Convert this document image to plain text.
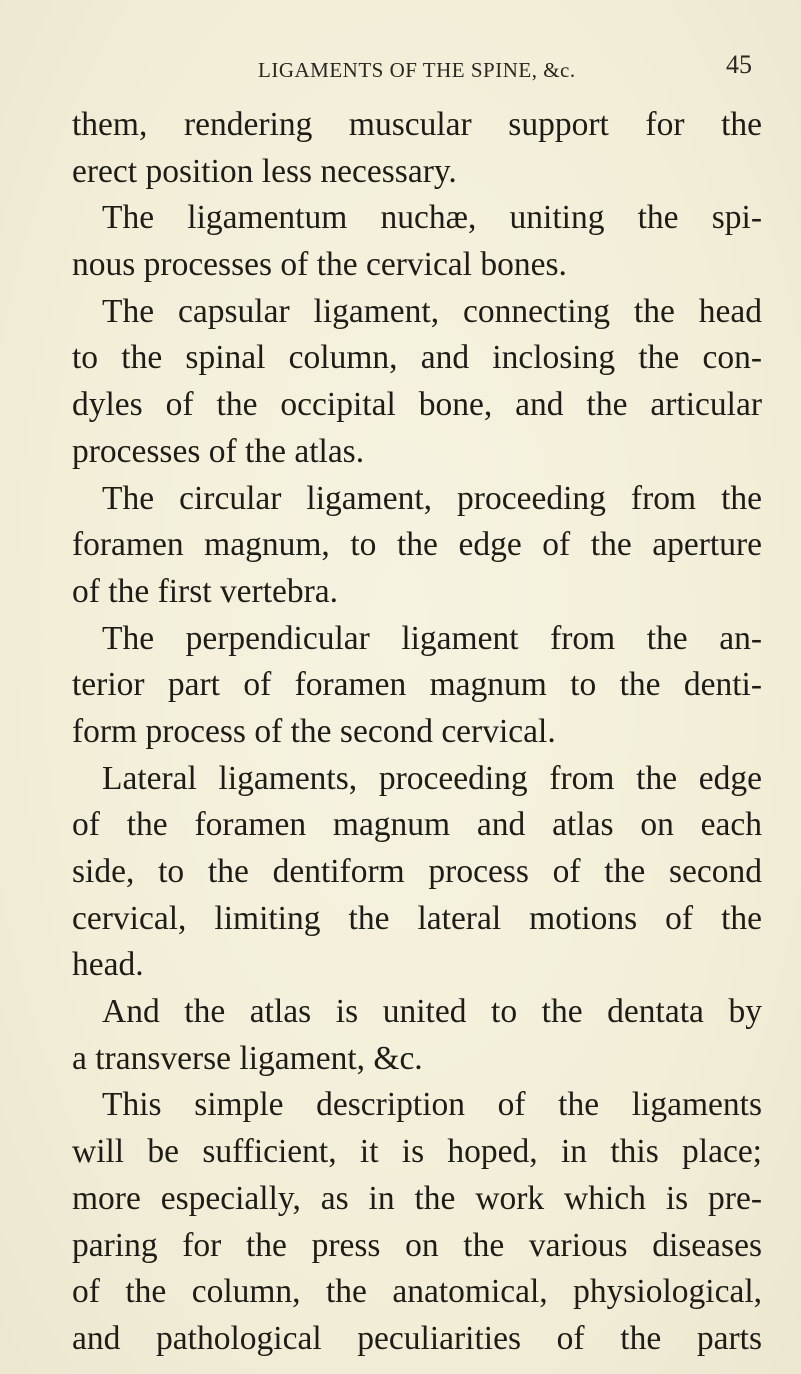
LIGAMENTS OF THE SPINE, &c.	45
them, rendering muscular support for the
erect position less necessary.
The ligamentum nuchæ, uniting the spi-
nous processes of the cervical bones.
The capsular ligament, connecting the head
to the spinal column, and inclosing the con-
dyles of the occipital bone, and the articular
processes of the atlas.
The circular ligament, proceeding from the
foramen magnum, to the edge of the aperture
of the first vertebra.
The perpendicular ligament from the an-
terior part of foramen magnum to the denti-
form process of the second cervical.
Lateral ligaments, proceeding from the edge
of the foramen magnum and atlas on each
side, to the dentiform process of the second
cervical, limiting the lateral motions of the
head.
And the atlas is united to the dentata by
a transverse ligament, &c.
This simple description of the ligaments
will be sufficient, it is hoped, in this place;
more especially, as in the work which is pre-
paring for the press on the various diseases
of the column, the anatomical, physiological,
and pathological peculiarities of the parts
